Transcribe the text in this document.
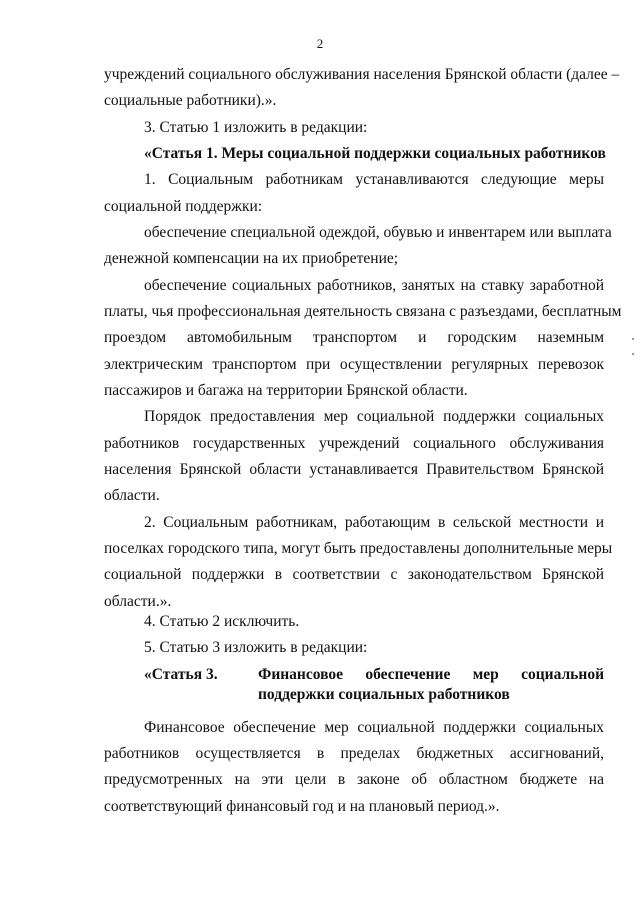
2
учреждений социального обслуживания населения Брянской области (далее –
социальные работники).».
3. Статью 1 изложить в редакции:
«Статья 1. Меры социальной поддержки социальных работников
1. Социальным работникам устанавливаются следующие меры
социальной поддержки:
обеспечение специальной одеждой, обувью и инвентарем или выплата
денежной компенсации на их приобретение;
обеспечение социальных работников, занятых на ставку заработной
платы, чья профессиональная деятельность связана с разъездами, бесплатным
проездом автомобильным транспортом и городским наземным
электрическим транспортом при осуществлении регулярных перевозок
пассажиров и багажа на территории Брянской области.
Порядок предоставления мер социальной поддержки социальных
работников государственных учреждений социального обслуживания
населения Брянской области устанавливается Правительством Брянской
области.
2. Социальным работникам, работающим в сельской местности и
поселках городского типа, могут быть предоставлены дополнительные меры
социальной поддержки в соответствии с законодательством Брянской
области.».
4. Статью 2 исключить.
5. Статью 3 изложить в редакции:
«Статья 3.	Финансовое обеспечение мер социальной
поддержки социальных работников
Финансовое обеспечение мер социальной поддержки социальных
работников осуществляется в пределах бюджетных ассигнований,
предусмотренных на эти цели в законе об областном бюджете на
соответствующий финансовый год и на плановый период.».
